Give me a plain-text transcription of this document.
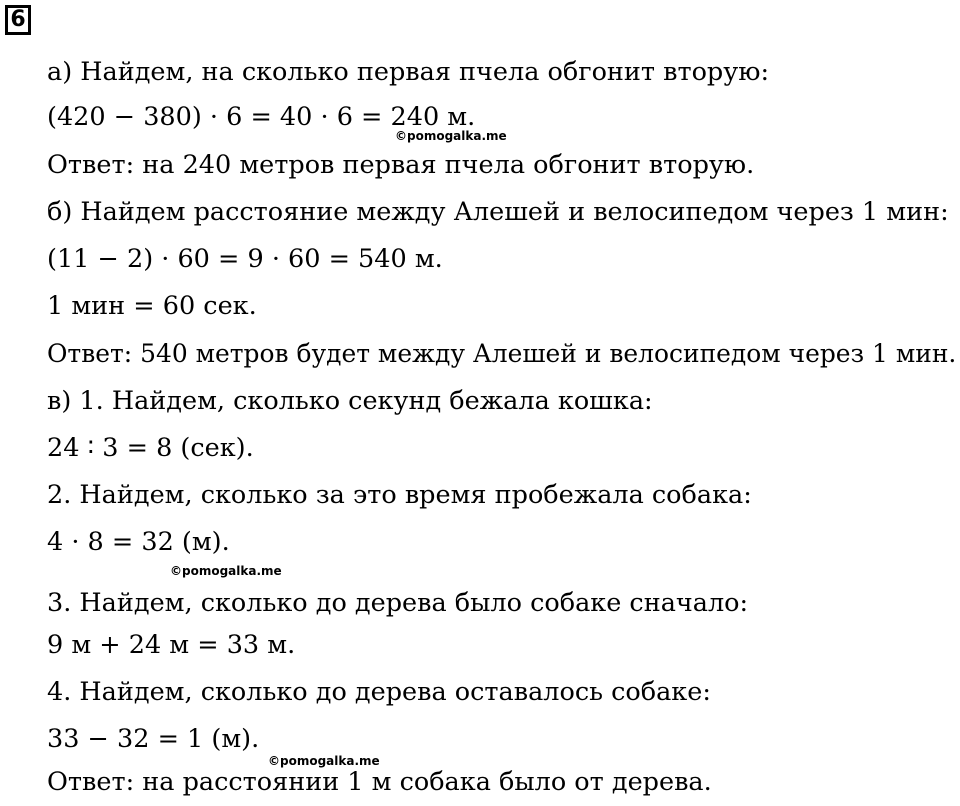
6
а) Найдем, на сколько первая пчела обгонит вторую:
(420 − 380) · 6 = 40 · 6 = 240 м.
Ответ: на 240 метров первая пчела обгонит вторую.
б) Найдем расстояние между Алешей и велосипедом через 1 мин:
(11 − 2) · 60 = 9 · 60 = 540 м.
1 мин = 60 сек.
Ответ: 540 метров будет между Алешей и велосипедом через 1 мин.
в) 1. Найдем, сколько секунд бежала кошка:
24 ∶ 3 = 8 (сек).
2. Найдем, сколько за это время пробежала собака:
4 · 8 = 32 (м).
3. Найдем, сколько до дерева было собаке сначало:
9 м + 24 м = 33 м.
4. Найдем, сколько до дерева оставалось собаке:
33 − 32 = 1 (м).
Ответ: на расстоянии 1 м собака было от дерева.
©pomogalka.me
©pomogalka.me
©pomogalka.me
